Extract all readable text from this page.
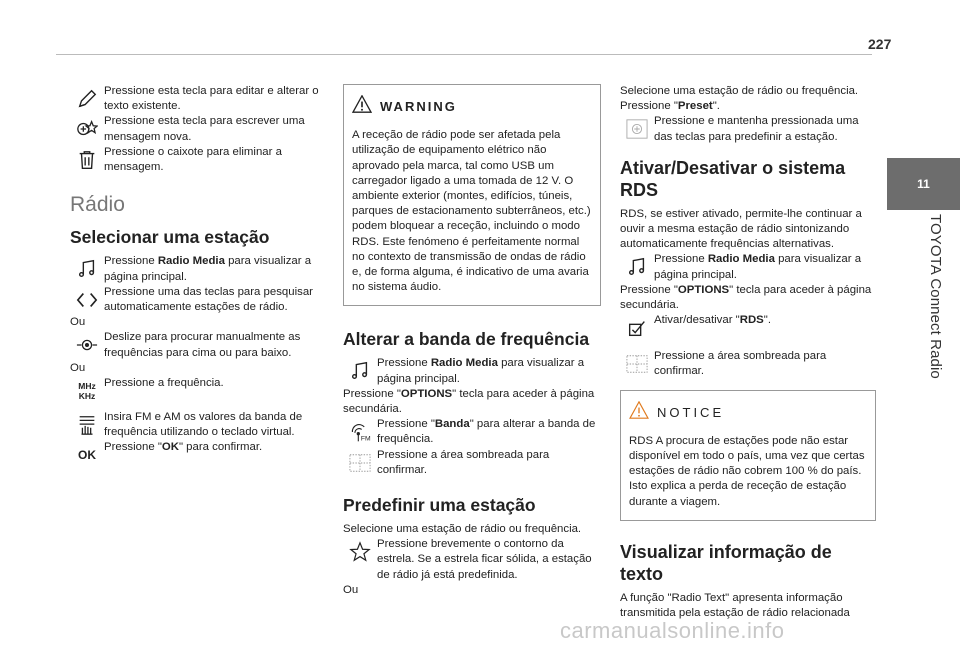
227
11
TOYOTA Connect Radio
Pressione esta tecla para editar e alterar o texto existente.
Pressione esta tecla para escrever uma mensagem nova.
Pressione o caixote para eliminar a mensagem.
Rádio
Selecionar uma estação
Pressione Radio Media para visualizar a página principal.
Pressione uma das teclas para pesquisar automaticamente estações de rádio.
Ou
Deslize para procurar manualmente as frequências para cima ou para baixo.
Ou
MHz
KHz
Pressione a frequência.
Insira FM e AM os valores da banda de frequência utilizando o teclado virtual.
OK
Pressione "OK" para confirmar.
WARNING
A receção de rádio pode ser afetada pela utilização de equipamento elétrico não aprovado pela marca, tal como USB um carregador ligado a uma tomada de 12 V. O ambiente exterior (montes, edifícios, túneis, parques de estacionamento subterrâneos, etc.) podem bloquear a receção, incluindo o modo RDS. Este fenómeno é perfeitamente normal no contexto de transmissão de ondas de rádio e, de forma alguma, é indicativo de uma avaria no sistema áudio.
Alterar a banda de frequência
Pressione Radio Media para visualizar a página principal.
Pressione "OPTIONS" tecla para aceder à página secundária.
FM
Pressione "Banda" para alterar a banda de frequência.
Pressione a área sombreada para confirmar.
Predefinir uma estação
Selecione uma estação de rádio ou frequência.
Pressione brevemente o contorno da estrela. Se a estrela ficar sólida, a estação de rádio já está predefinida.
Ou
Selecione uma estação de rádio ou frequência.
Pressione "Preset".
Pressione e mantenha pressionada uma das teclas para predefinir a estação.
Ativar/Desativar o sistema RDS
RDS, se estiver ativado, permite-lhe continuar a ouvir a mesma estação de rádio sintonizando automaticamente frequências alternativas.
Pressione Radio Media para visualizar a página principal.
Pressione "OPTIONS" tecla para aceder à página secundária.
Ativar/desativar "RDS".
Pressione a área sombreada para confirmar.
NOTICE
RDS A procura de estações pode não estar disponível em todo o país, uma vez que certas estações de rádio não cobrem 100 % do país. Isto explica a perda de receção de estação durante a viagem.
Visualizar informação de texto
A função "Radio Text" apresenta informação transmitida pela estação de rádio relacionada
carmanualsonline.info
